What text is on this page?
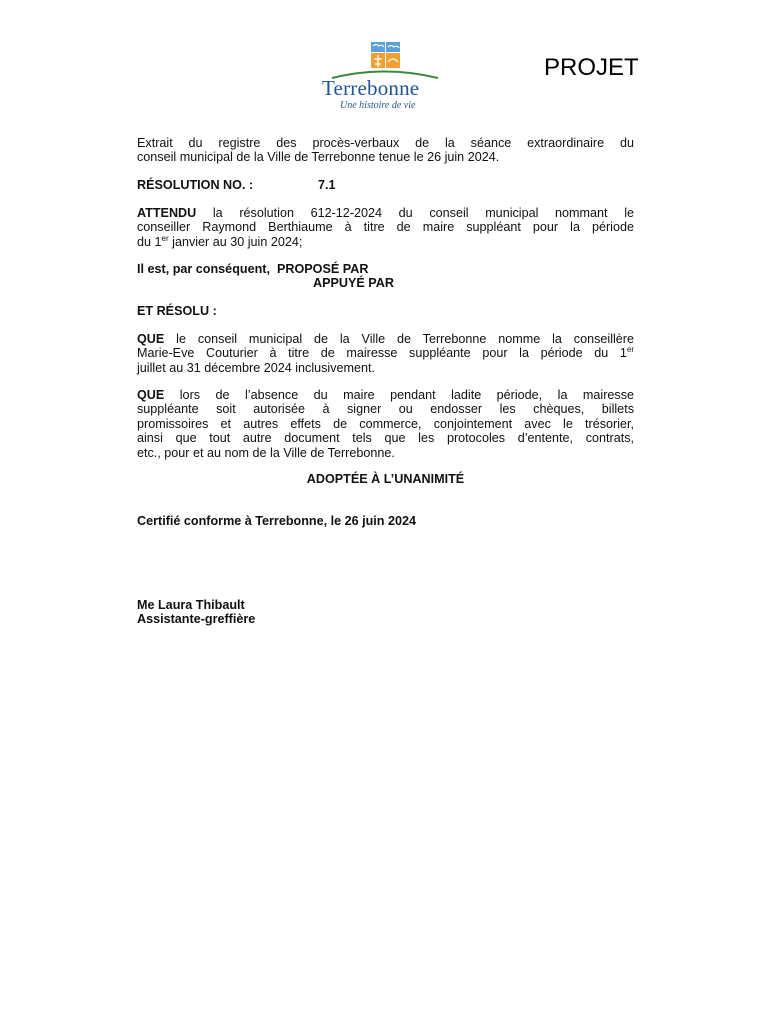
Terrebonne
Une histoire de vie
PROJET
Extrait du registre des procès-verbaux de la séance extraordinaire du
conseil municipal de la Ville de Terrebonne tenue le 26 juin 2024.
RÉSOLUTION NO. :	7.1
ATTENDU la résolution 612-12-2024 du conseil municipal nommant le
conseiller Raymond Berthiaume à titre de maire suppléant pour la période
du 1er janvier au 30 juin 2024;
Il est, par conséquent, PROPOSÉ PAR
APPUYÉ PAR
ET RÉSOLU :
QUE le conseil municipal de la Ville de Terrebonne nomme la conseillère
Marie-Eve Couturier à titre de mairesse suppléante pour la période du 1er
juillet au 31 décembre 2024 inclusivement.
QUE lors de l’absence du maire pendant ladite période, la mairesse
suppléante soit autorisée à signer ou endosser les chèques, billets
promissoires et autres effets de commerce, conjointement avec le trésorier,
ainsi que tout autre document tels que les protocoles d’entente, contrats,
etc., pour et au nom de la Ville de Terrebonne.
ADOPTÉE À L’UNANIMITÉ
Certifié conforme à Terrebonne, le 26 juin 2024
Me Laura Thibault
Assistante-greffière
